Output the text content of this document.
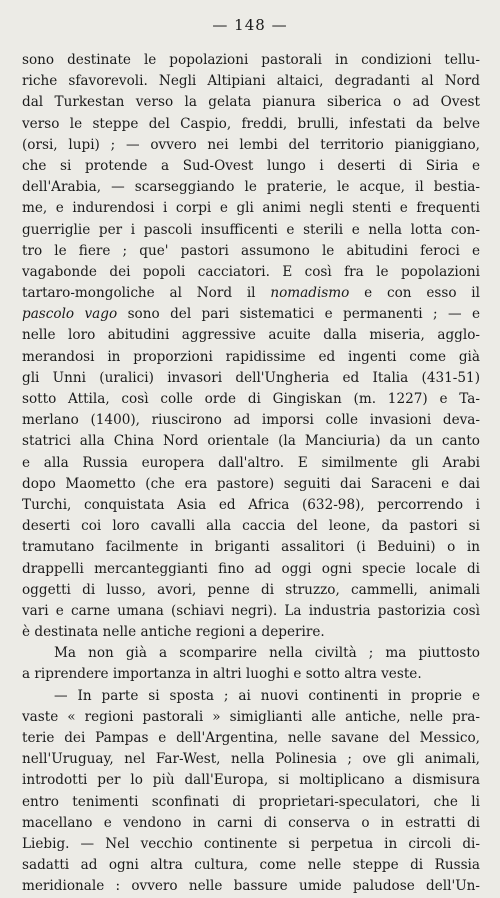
— 148 —
sono destinate le popolazioni pastorali in condizioni tellu-
riche sfavorevoli. Negli Altipiani altaici, degradanti al Nord
dal Turkestan verso la gelata pianura siberica o ad Ovest
verso le steppe del Caspio, freddi, brulli, infestati da belve
(orsi, lupi) ; — ovvero nei lembi del territorio pianiggiano,
che si protende a Sud-Ovest lungo i deserti di Siria e
dell'Arabia, — scarseggiando le praterie, le acque, il bestia-
me, e indurendosi i corpi e gli animi negli stenti e frequenti
guerriglie per i pascoli insufficenti e sterili e nella lotta con-
tro le fiere ; que' pastori assumono le abitudini feroci e
vagabonde dei popoli cacciatori. E così fra le popolazioni
tartaro-mongoliche al Nord il nomadismo e con esso il
pascolo vago sono del pari sistematici e permanenti ; — e
nelle loro abitudini aggressive acuite dalla miseria, agglo-
merandosi in proporzioni rapidissime ed ingenti come già
gli Unni (uralici) invasori dell'Ungheria ed Italia (431-51)
sotto Attila, così colle orde di Gingiskan (m. 1227) e Ta-
merlano (1400), riuscirono ad imporsi colle invasioni deva-
statrici alla China Nord orientale (la Manciuria) da un canto
e alla Russia europera dall'altro. E similmente gli Arabi
dopo Maometto (che era pastore) seguiti dai Saraceni e dai
Turchi, conquistata Asia ed Africa (632-98), percorrendo i
deserti coi loro cavalli alla caccia del leone, da pastori si
tramutano facilmente in briganti assalitori (i Beduini) o in
drappelli mercanteggianti fino ad oggi ogni specie locale di
oggetti di lusso, avori, penne di struzzo, cammelli, animali
vari e carne umana (schiavi negri). La industria pastorizia così
è destinata nelle antiche regioni a deperire.
Ma non già a scomparire nella civiltà ; ma piuttosto
a riprendere importanza in altri luoghi e sotto altra veste.
— In parte si sposta ; ai nuovi continenti in proprie e
vaste « regioni pastorali » simiglianti alle antiche, nelle pra-
terie dei Pampas e dell'Argentina, nelle savane del Messico,
nell'Uruguay, nel Far-West, nella Polinesia ; ove gli animali,
introdotti per lo più dall'Europa, si moltiplicano a dismisura
entro tenimenti sconfinati di proprietari-speculatori, che li
macellano e vendono in carni di conserva o in estratti di
Liebig. — Nel vecchio continente si perpetua in circoli di-
sadatti ad ogni altra cultura, come nelle steppe di Russia
meridionale : ovvero nelle bassure umide paludose dell'Un-
